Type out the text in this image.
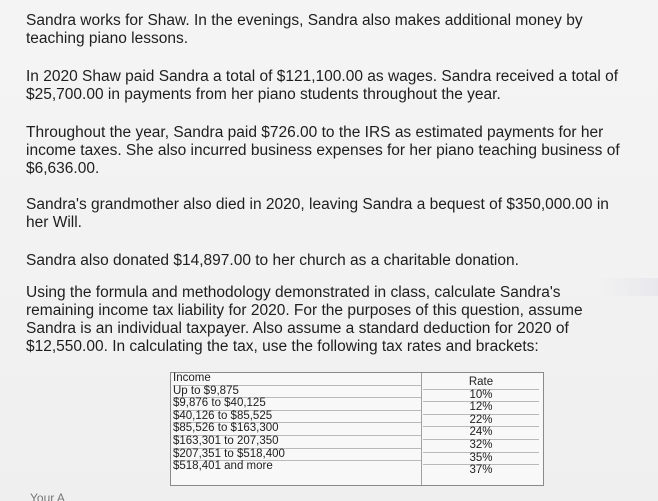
Sandra works for Shaw. In the evenings, Sandra also makes additional money by teaching piano lessons.

In 2020 Shaw paid Sandra a total of $121,100.00 as wages. Sandra received a total of $25,700.00 in payments from her piano students throughout the year.

Throughout the year, Sandra paid $726.00 to the IRS as estimated payments for her income taxes. She also incurred business expenses for her piano teaching business of $6,636.00.

Sandra's grandmother also died in 2020, leaving Sandra a bequest of $350,000.00 in her Will.

Sandra also donated $14,897.00 to her church as a charitable donation.

Using the formula and methodology demonstrated in class, calculate Sandra's remaining income tax liability for 2020. For the purposes of this question, assume Sandra is an individual taxpayer. Also assume a standard deduction for 2020 of $12,550.00. In calculating the tax, use the following tax rates and brackets:

Income
Up to $9,875
$9,876 to $40,125
$40,126 to $85,525
$85,526 to $163,300
$163,301 to 207,350
$207,351 to $518,400
$518,401 and more
Rate
10%
12%
22%
24%
32%
35%
37%
Your A
